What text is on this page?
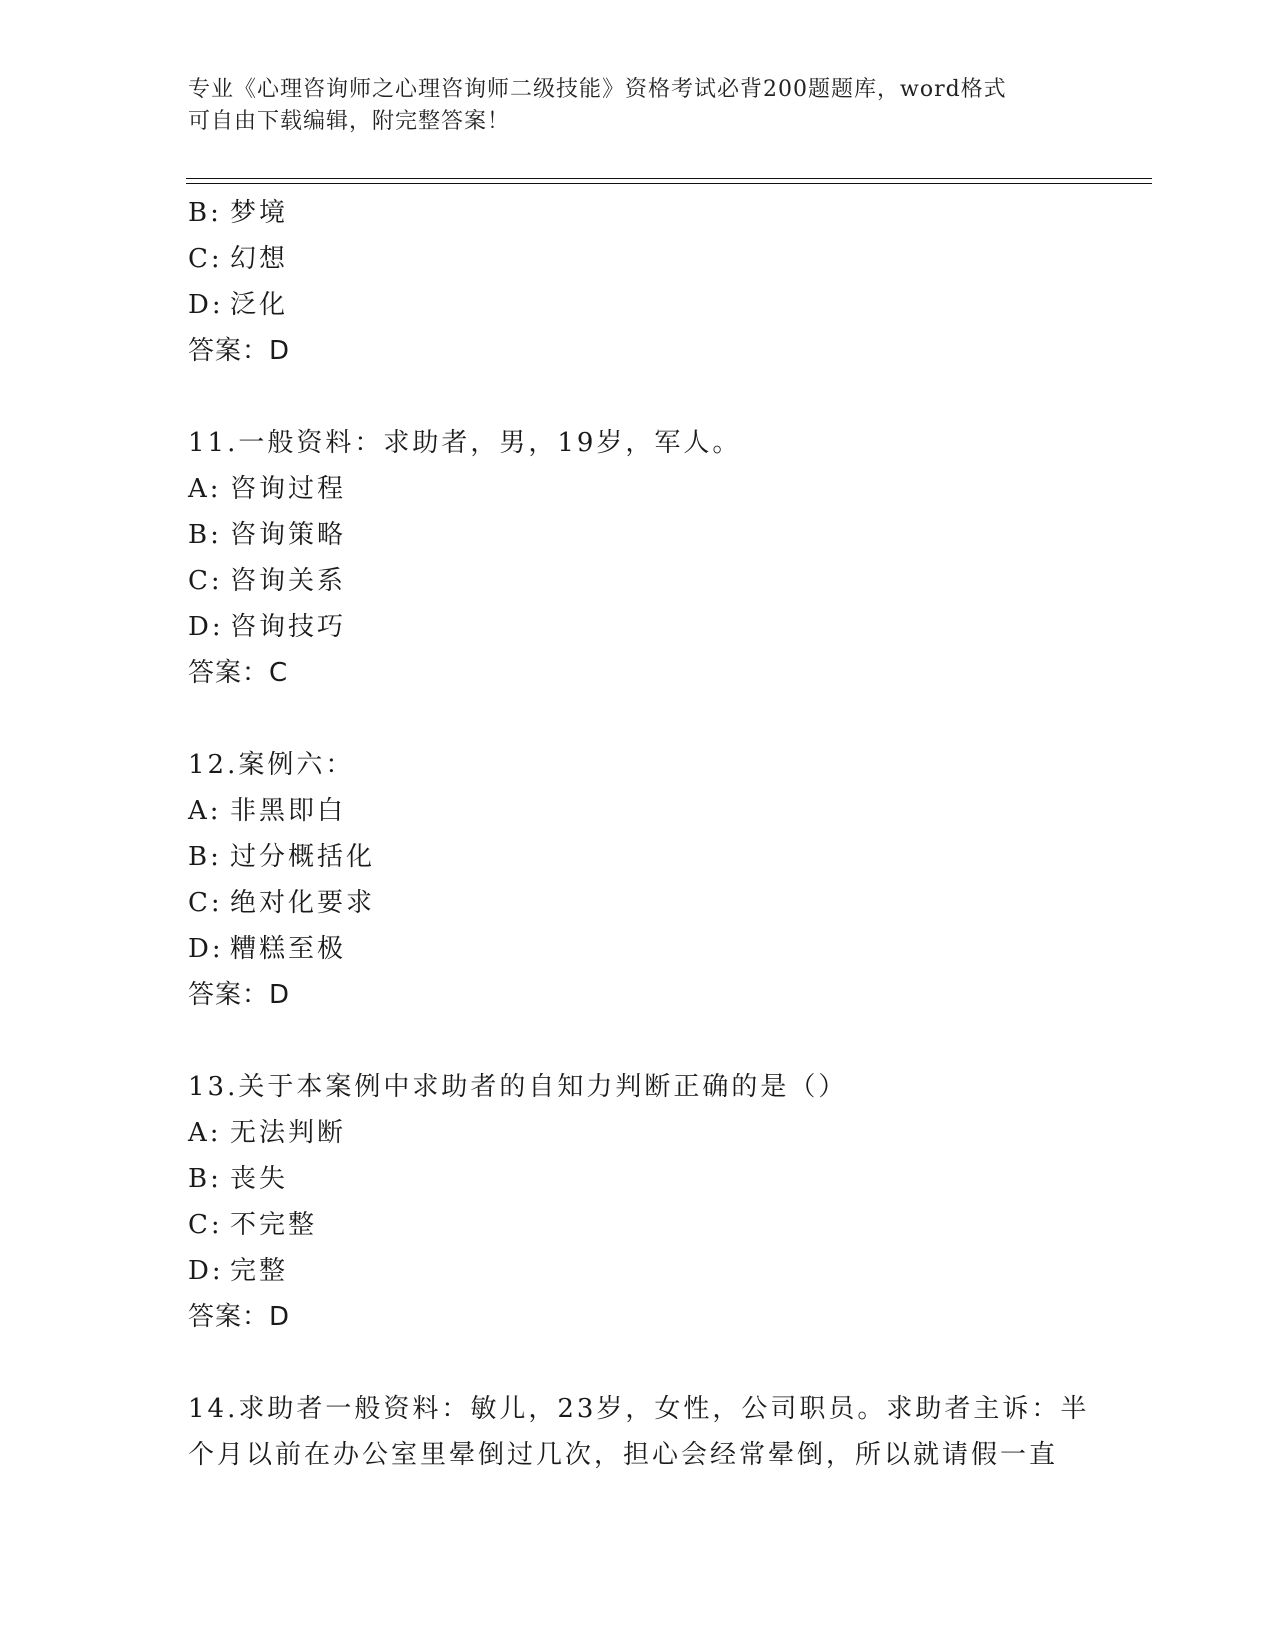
专业《心理咨询师之心理咨询师二级技能》资格考试必背200题题库，word格式
可自由下载编辑，附完整答案！
B: 梦境
C: 幻想
D: 泛化
答案：D
11.一般资料：求助者，男，19岁，军人。
A: 咨询过程
B: 咨询策略
C: 咨询关系
D: 咨询技巧
答案：C
12.案例六：
A: 非黑即白
B: 过分概括化
C: 绝对化要求
D: 糟糕至极
答案：D
13.关于本案例中求助者的自知力判断正确的是（）
A: 无法判断
B: 丧失
C: 不完整
D: 完整
答案：D
14.求助者一般资料：敏儿，23岁，女性，公司职员。求助者主诉：半
个月以前在办公室里晕倒过几次，担心会经常晕倒，所以就请假一直
